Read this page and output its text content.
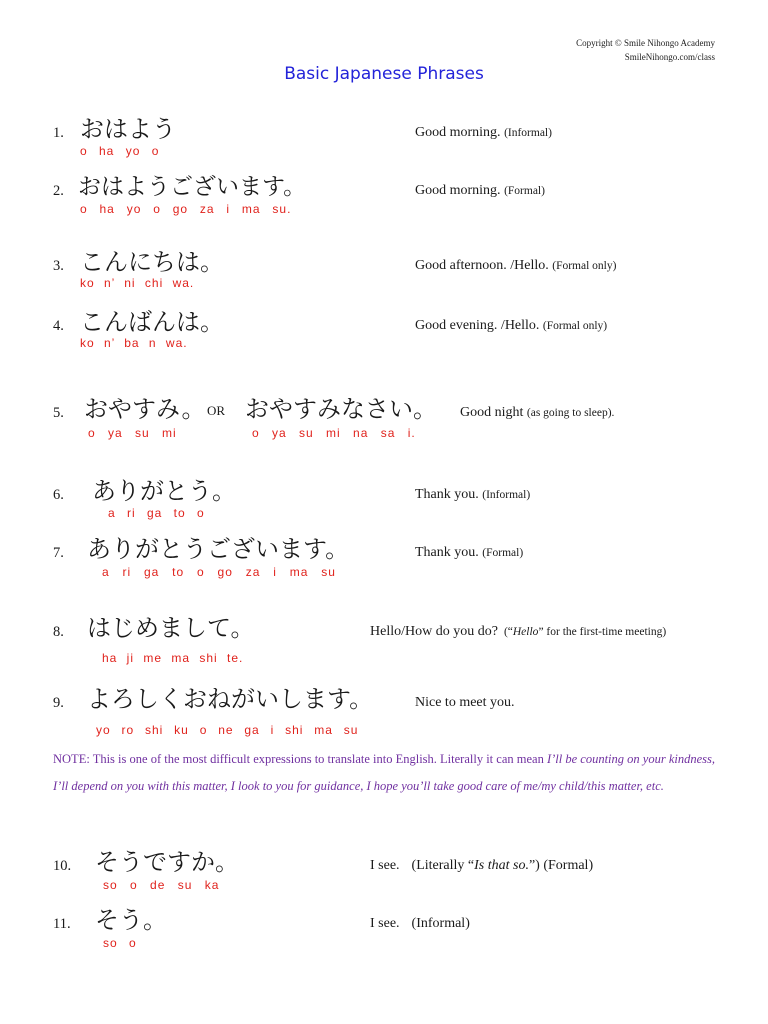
Copyright © Smile Nihongo Academy
SmileNihongo.com/class
Basic Japanese Phrases
1. おはよう
o ha yo o
Good morning. (Informal)
2. おはようございます。
o ha yo o go za i ma su.
Good morning. (Formal)
3. こんにちは。
ko n’ ni chi wa.
Good afternoon. /Hello. (Formal only)
4. こんばんは。
ko n’ ba n wa.
Good evening. /Hello. (Formal only)
5. おやすみ。 OR おやすみなさい。
o ya su mi	o ya su mi na sa i.
Good night (as going to sleep).
6. ありがとう。
a ri ga to o
Thank you. (Informal)
7. ありがとうございます。
a ri ga to o go za i ma su
Thank you. (Formal)
8. はじめまして。
ha ji me ma shi te.
Hello/How do you do? (“Hello” for the first-time meeting)
9. よろしくおねがいします。
yo ro shi ku o ne ga i shi ma su
Nice to meet you.
NOTE: This is one of the most difficult expressions to translate into English. Literally it can mean I’ll be counting on your kindness, I’ll depend on you with this matter, I look to you for guidance, I hope you’ll take good care of me/my child/this matter, etc.
10. そうですか。
so o de su ka
I see. (Literally “Is that so.”) (Formal)
11. そう。
so o
I see. (Informal)
